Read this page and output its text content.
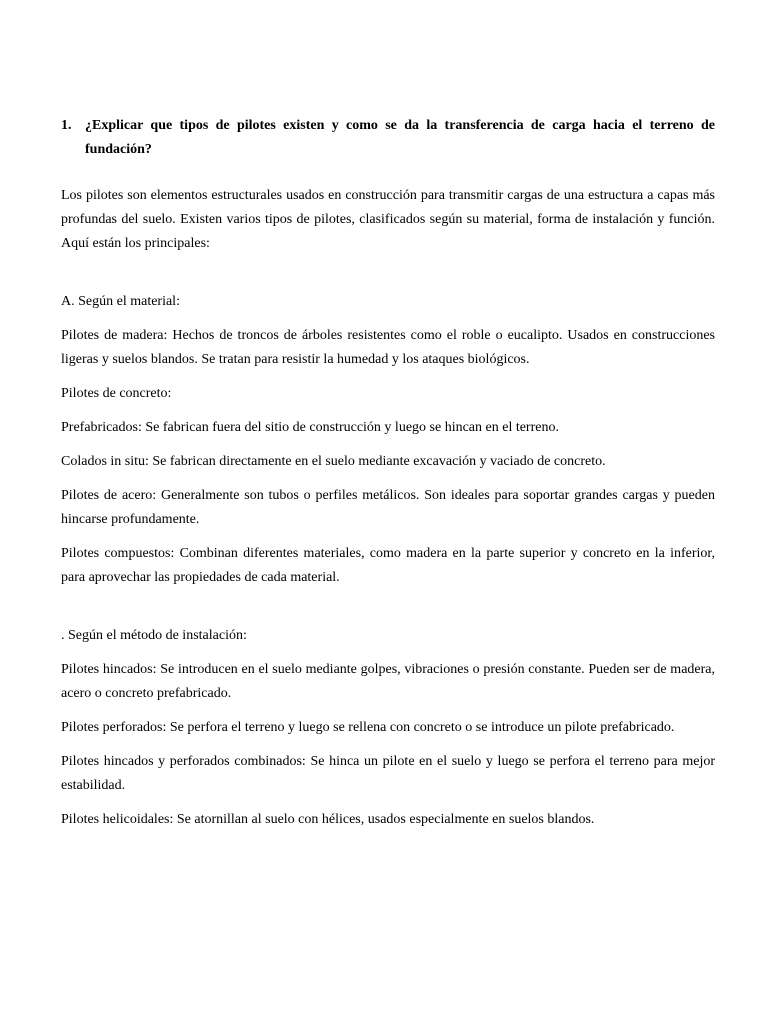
1. ¿Explicar que tipos de pilotes existen y como se da la transferencia de carga hacia el terreno de fundación?

Los pilotes son elementos estructurales usados en construcción para transmitir cargas de una estructura a capas más profundas del suelo. Existen varios tipos de pilotes, clasificados según su material, forma de instalación y función. Aquí están los principales:

A. Según el material:

Pilotes de madera: Hechos de troncos de árboles resistentes como el roble o eucalipto. Usados en construcciones ligeras y suelos blandos. Se tratan para resistir la humedad y los ataques biológicos.

Pilotes de concreto:

Prefabricados: Se fabrican fuera del sitio de construcción y luego se hincan en el terreno.

Colados in situ: Se fabrican directamente en el suelo mediante excavación y vaciado de concreto.

Pilotes de acero: Generalmente son tubos o perfiles metálicos. Son ideales para soportar grandes cargas y pueden hincarse profundamente.

Pilotes compuestos: Combinan diferentes materiales, como madera en la parte superior y concreto en la inferior, para aprovechar las propiedades de cada material.

. Según el método de instalación:

Pilotes hincados: Se introducen en el suelo mediante golpes, vibraciones o presión constante. Pueden ser de madera, acero o concreto prefabricado.

Pilotes perforados: Se perfora el terreno y luego se rellena con concreto o se introduce un pilote prefabricado.

Pilotes hincados y perforados combinados: Se hinca un pilote en el suelo y luego se perfora el terreno para mejor estabilidad.

Pilotes helicoidales: Se atornillan al suelo con hélices, usados especialmente en suelos blandos.
